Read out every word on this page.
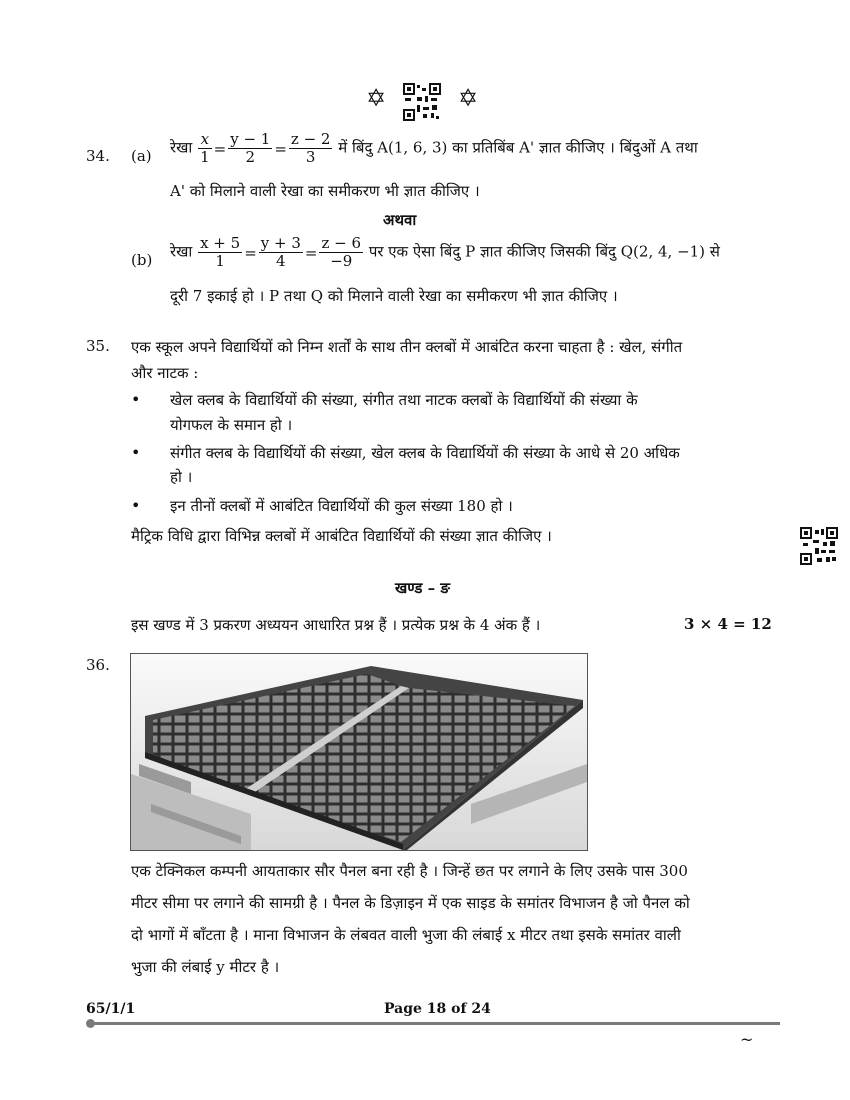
✡	✡
34. (a) रेखा $\frac{x}{1} = \frac{y - 1}{2} = \frac{z - 2}{3}$ में बिंदु A(1, 6, 3) का प्रतिबिंब A' ज्ञात कीजिए । बिंदुओं A तथा
A' को मिलाने वाली रेखा का समीकरण भी ज्ञात कीजिए ।
अथवा
(b) रेखा $\frac{x + 5}{1} = \frac{y + 3}{4} = \frac{z - 6}{-9}$ पर एक ऐसा बिंदु P ज्ञात कीजिए जिसकी बिंदु Q(2, 4, −1) से
दूरी 7 इकाई हो । P तथा Q को मिलाने वाली रेखा का समीकरण भी ज्ञात कीजिए ।
35. एक स्कूल अपने विद्यार्थियों को निम्न शर्तों के साथ तीन क्लबों में आबंटित करना चाहता है : खेल, संगीत
और नाटक :
• खेल क्लब के विद्यार्थियों की संख्या, संगीत तथा नाटक क्लबों के विद्यार्थियों की संख्या के
योगफल के समान हो ।
• संगीत क्लब के विद्यार्थियों की संख्या, खेल क्लब के विद्यार्थियों की संख्या के आधे से 20 अधिक
हो ।
• इन तीनों क्लबों में आबंटित विद्यार्थियों की कुल संख्या 180 हो ।
मैट्रिक विधि द्वारा विभिन्न क्लबों में आबंटित विद्यार्थियों की संख्या ज्ञात कीजिए ।
खण्ड – ङ
इस खण्ड में 3 प्रकरण अध्ययन आधारित प्रश्न हैं । प्रत्येक प्रश्न के 4 अंक हैं ।	3 × 4 = 12
36.
एक टेक्निकल कम्पनी आयताकार सौर पैनल बना रही है । जिन्हें छत पर लगाने के लिए उसके पास 300
मीटर सीमा पर लगाने की सामग्री है । पैनल के डिज़ाइन में एक साइड के समांतर विभाजन है जो पैनल को
दो भागों में बाँटता है । माना विभाजन के लंबवत वाली भुजा की लंबाई x मीटर तथा इसके समांतर वाली
भुजा की लंबाई y मीटर है ।
65/1/1	Page 18 of 24
~
